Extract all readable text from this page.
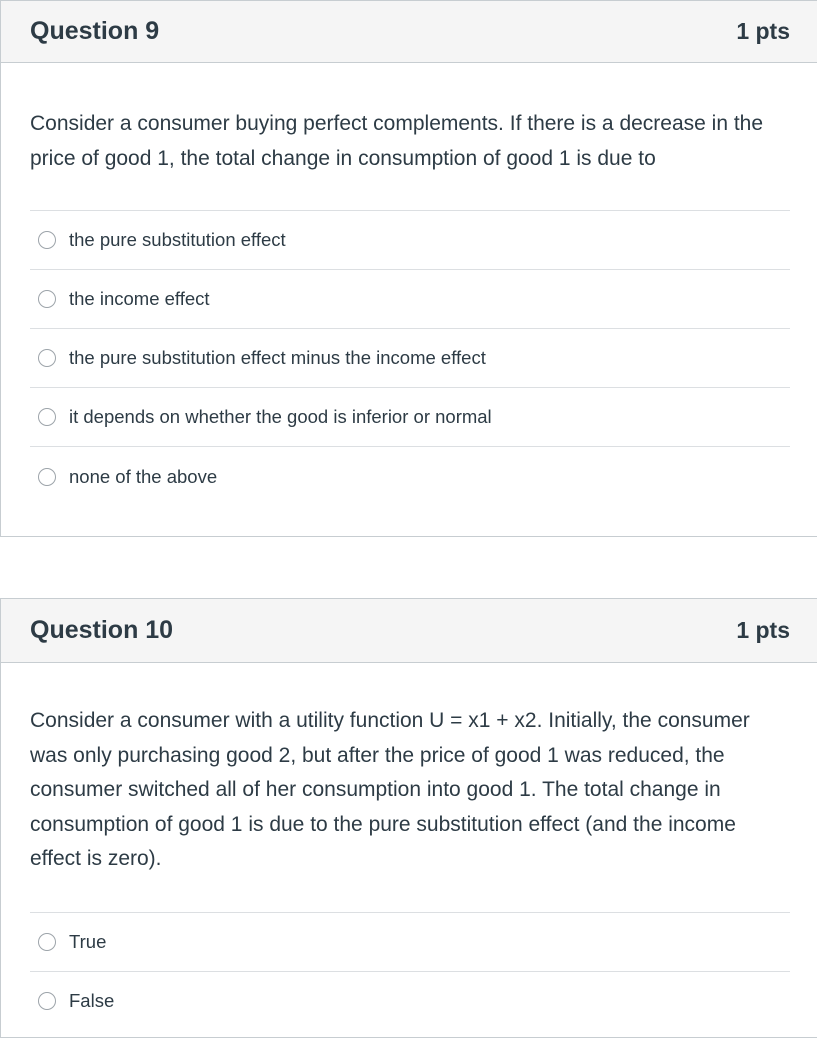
Question 9	1 pts

Consider a consumer buying perfect complements. If there is a decrease in the price of good 1, the total change in consumption of good 1 is due to

the pure substitution effect
the income effect
the pure substitution effect minus the income effect
it depends on whether the good is inferior or normal
none of the above
Question 10	1 pts

Consider a consumer with a utility function U = x1 + x2. Initially, the consumer was only purchasing good 2, but after the price of good 1 was reduced, the consumer switched all of her consumption into good 1. The total change in consumption of good 1 is due to the pure substitution effect (and the income effect is zero).

True
False
